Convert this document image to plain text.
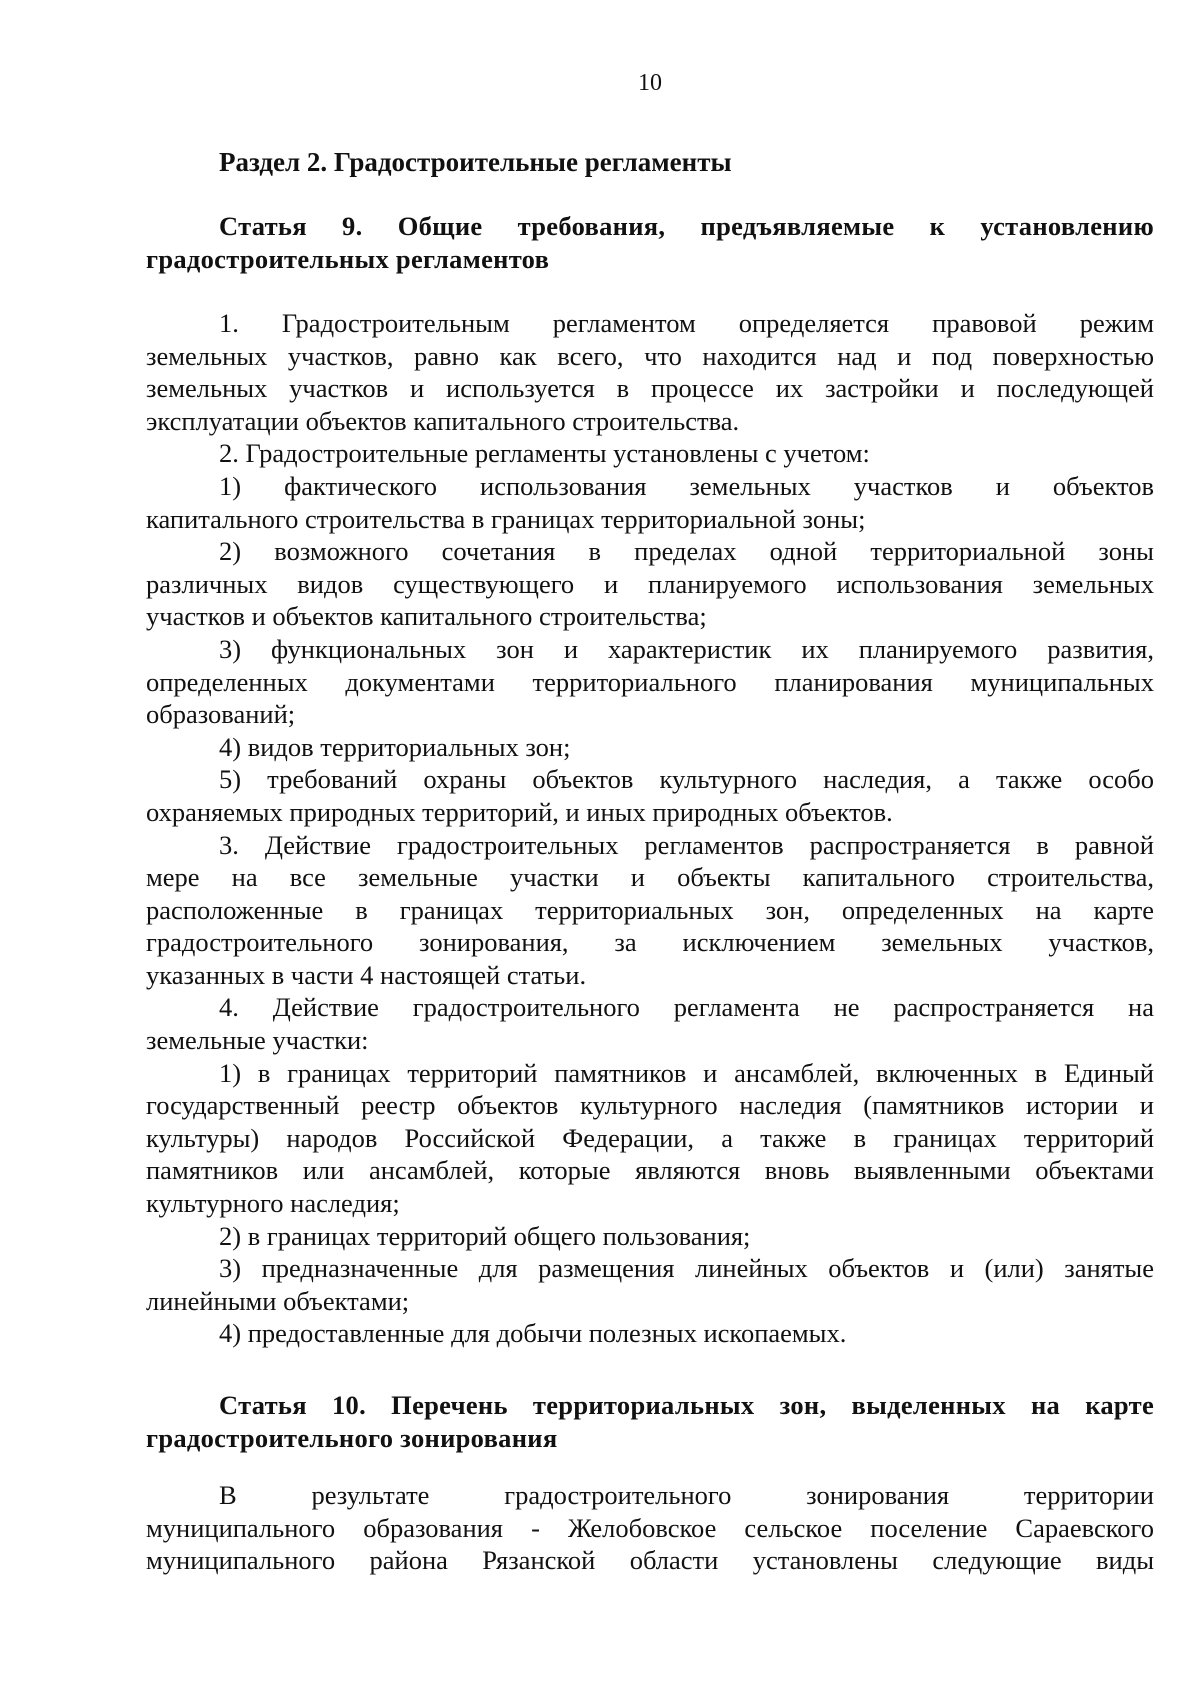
10
Раздел 2. Градостроительные регламенты
Статья 9. Общие требования, предъявляемые к установлению
градостроительных регламентов
1. Градостроительным регламентом определяется правовой режим
земельных участков, равно как всего, что находится над и под поверхностью
земельных участков и используется в процессе их застройки и последующей
эксплуатации объектов капитального строительства.
2. Градостроительные регламенты установлены с учетом:
1) фактического использования земельных участков и объектов
капитального строительства в границах территориальной зоны;
2) возможного сочетания в пределах одной территориальной зоны
различных видов существующего и планируемого использования земельных
участков и объектов капитального строительства;
3) функциональных зон и характеристик их планируемого развития,
определенных документами территориального планирования муниципальных
образований;
4) видов территориальных зон;
5) требований охраны объектов культурного наследия, а также особо
охраняемых природных территорий, и иных природных объектов.
3. Действие градостроительных регламентов распространяется в равной
мере на все земельные участки и объекты капитального строительства,
расположенные в границах территориальных зон, определенных на карте
градостроительного зонирования, за исключением земельных участков,
указанных в части 4 настоящей статьи.
4. Действие градостроительного регламента не распространяется на
земельные участки:
1) в границах территорий памятников и ансамблей, включенных в Единый
государственный реестр объектов культурного наследия (памятников истории и
культуры) народов Российской Федерации, а также в границах территорий
памятников или ансамблей, которые являются вновь выявленными объектами
культурного наследия;
2) в границах территорий общего пользования;
3) предназначенные для размещения линейных объектов и (или) занятые
линейными объектами;
4) предоставленные для добычи полезных ископаемых.
Статья 10. Перечень территориальных зон, выделенных на карте
градостроительного зонирования
В результате градостроительного зонирования территории
муниципального образования - Желобовское сельское поселение Сараевского
муниципального района Рязанской области установлены следующие виды
